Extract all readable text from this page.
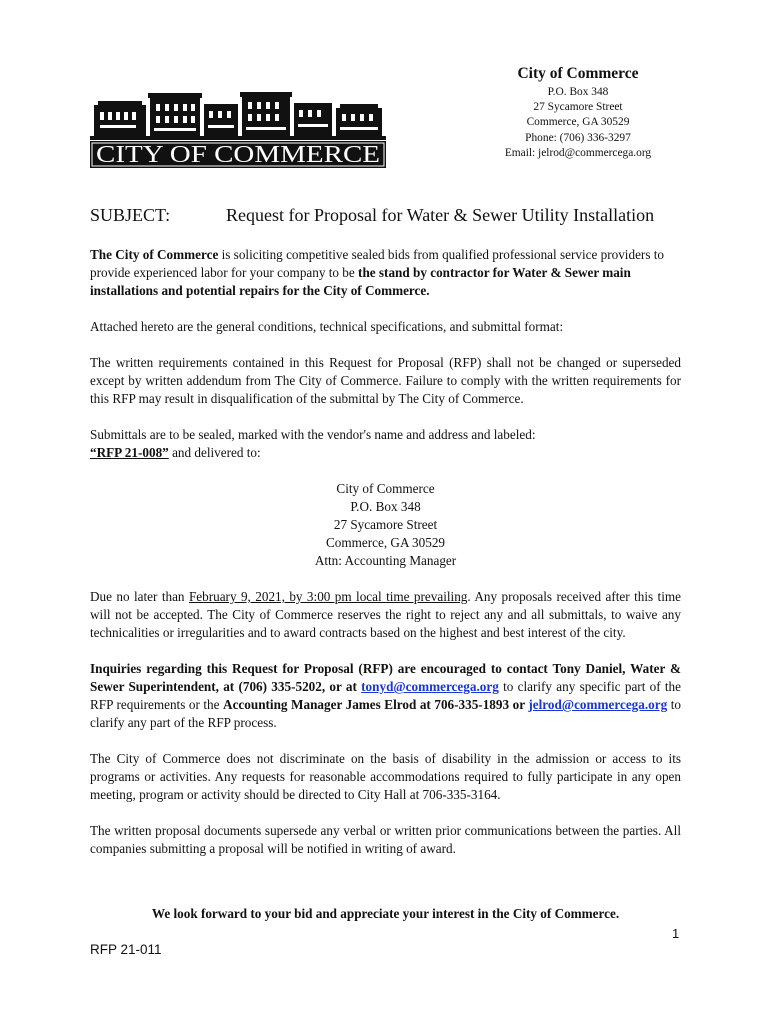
CITY OF COMMERCE
City of Commerce
P.O. Box 348
27 Sycamore Street
Commerce, GA 30529
Phone: (706) 336-3297
Email: jelrod@commercega.org
SUBJECT:	Request for Proposal for Water & Sewer Utility Installation

The City of Commerce is soliciting competitive sealed bids from qualified professional service providers to provide experienced labor for your company to be the stand by contractor for Water & Sewer main installations and potential repairs for the City of Commerce.

Attached hereto are the general conditions, technical specifications, and submittal format:

The written requirements contained in this Request for Proposal (RFP) shall not be changed or superseded except by written addendum from The City of Commerce. Failure to comply with the written requirements for this RFP may result in disqualification of the submittal by The City of Commerce.

Submittals are to be sealed, marked with the vendor's name and address and labeled:
“RFP 21-008” and delivered to:

City of Commerce
P.O. Box 348
27 Sycamore Street
Commerce, GA 30529
Attn: Accounting Manager

Due no later than February 9, 2021, by 3:00 pm local time prevailing. Any proposals received after this time will not be accepted. The City of Commerce reserves the right to reject any and all submittals, to waive any technicalities or irregularities and to award contracts based on the highest and best interest of the city.

Inquiries regarding this Request for Proposal (RFP) are encouraged to contact Tony Daniel, Water & Sewer Superintendent, at (706) 335-5202, or at tonyd@commercega.org to clarify any specific part of the RFP requirements or the Accounting Manager James Elrod at 706-335-1893 or jelrod@commercega.org to clarify any part of the RFP process.

The City of Commerce does not discriminate on the basis of disability in the admission or access to its programs or activities. Any requests for reasonable accommodations required to fully participate in any open meeting, program or activity should be directed to City Hall at 706-335-3164.

The written proposal documents supersede any verbal or written prior communications between the parties. All companies submitting a proposal will be notified in writing of award.

We look forward to your bid and appreciate your interest in the City of Commerce.
1
RFP 21-011
